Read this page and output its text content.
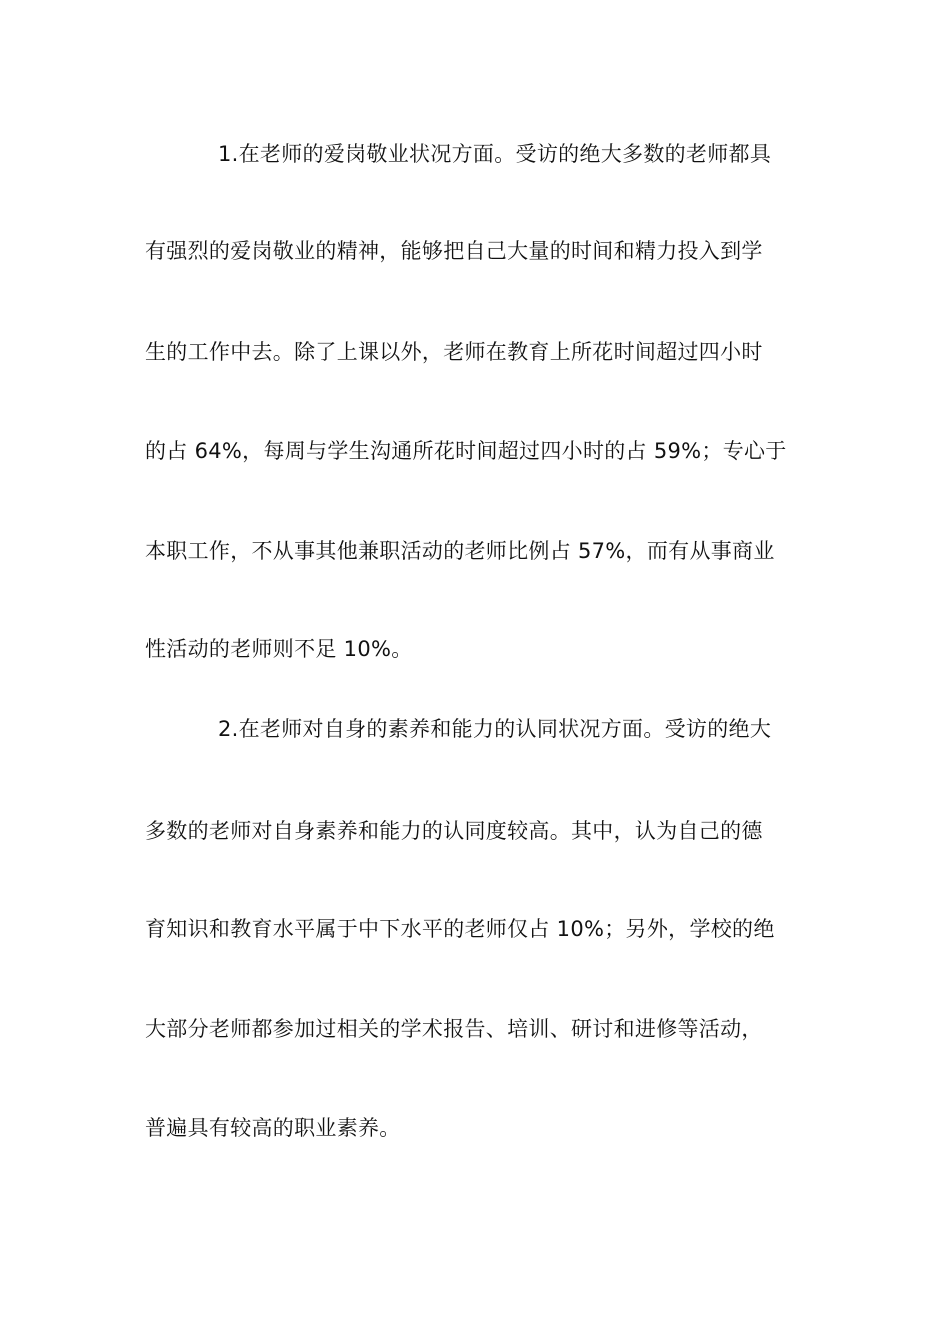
1.在老师的爱岗敬业状况方面。受访的绝大多数的老师都具
有强烈的爱岗敬业的精神，能够把自己大量的时间和精力投入到学
生的工作中去。除了上课以外，老师在教育上所花时间超过四小时
的占 64%，每周与学生沟通所花时间超过四小时的占 59%；专心于
本职工作，不从事其他兼职活动的老师比例占 57%，而有从事商业
性活动的老师则不足 10%。
2.在老师对自身的素养和能力的认同状况方面。受访的绝大
多数的老师对自身素养和能力的认同度较高。其中，认为自己的德
育知识和教育水平属于中下水平的老师仅占 10%；另外，学校的绝
大部分老师都参加过相关的学术报告、培训、研讨和进修等活动，
普遍具有较高的职业素养。
